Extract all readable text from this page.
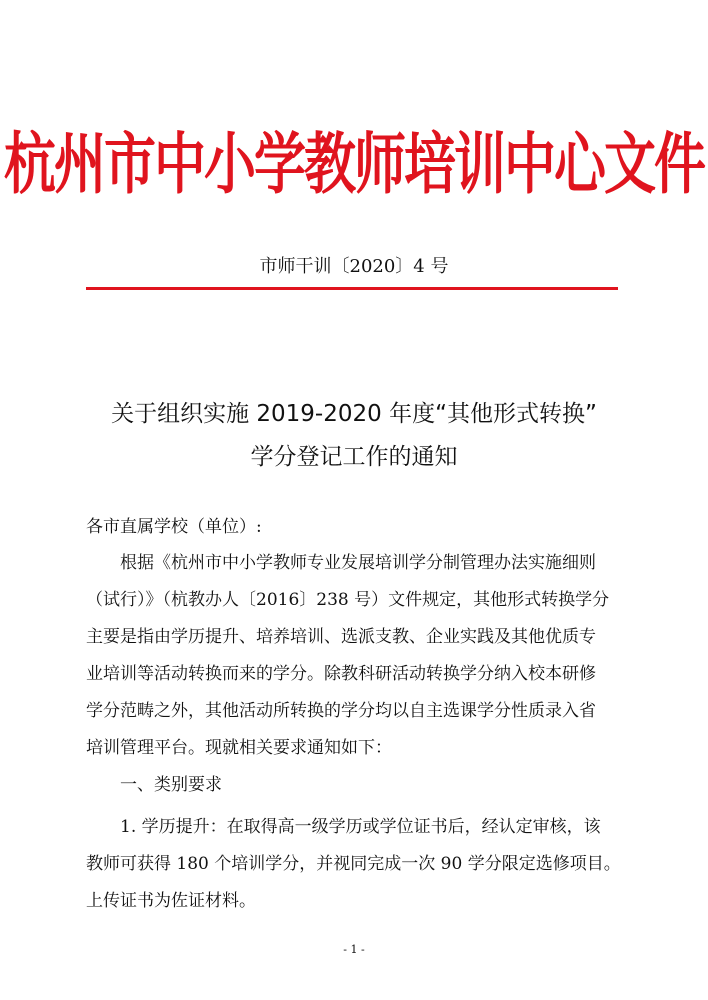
杭州市中小学教师培训中心文件
市师干训〔2020〕4 号
关于组织实施 2019-2020 年度“其他形式转换”
学分登记工作的通知
各市直属学校（单位）:
根据《杭州市中小学教师专业发展培训学分制管理办法实施细则
（试行）》（杭教办人〔2016〕238 号）文件规定，其他形式转换学分
主要是指由学历提升、培养培训、选派支教、企业实践及其他优质专
业培训等活动转换而来的学分。除教科研活动转换学分纳入校本研修
学分范畴之外，其他活动所转换的学分均以自主选课学分性质录入省
培训管理平台。现就相关要求通知如下：
一、类别要求
1. 学历提升：在取得高一级学历或学位证书后，经认定审核，该
教师可获得 180 个培训学分，并视同完成一次 90 学分限定选修项目。
上传证书为佐证材料。
- 1 -
